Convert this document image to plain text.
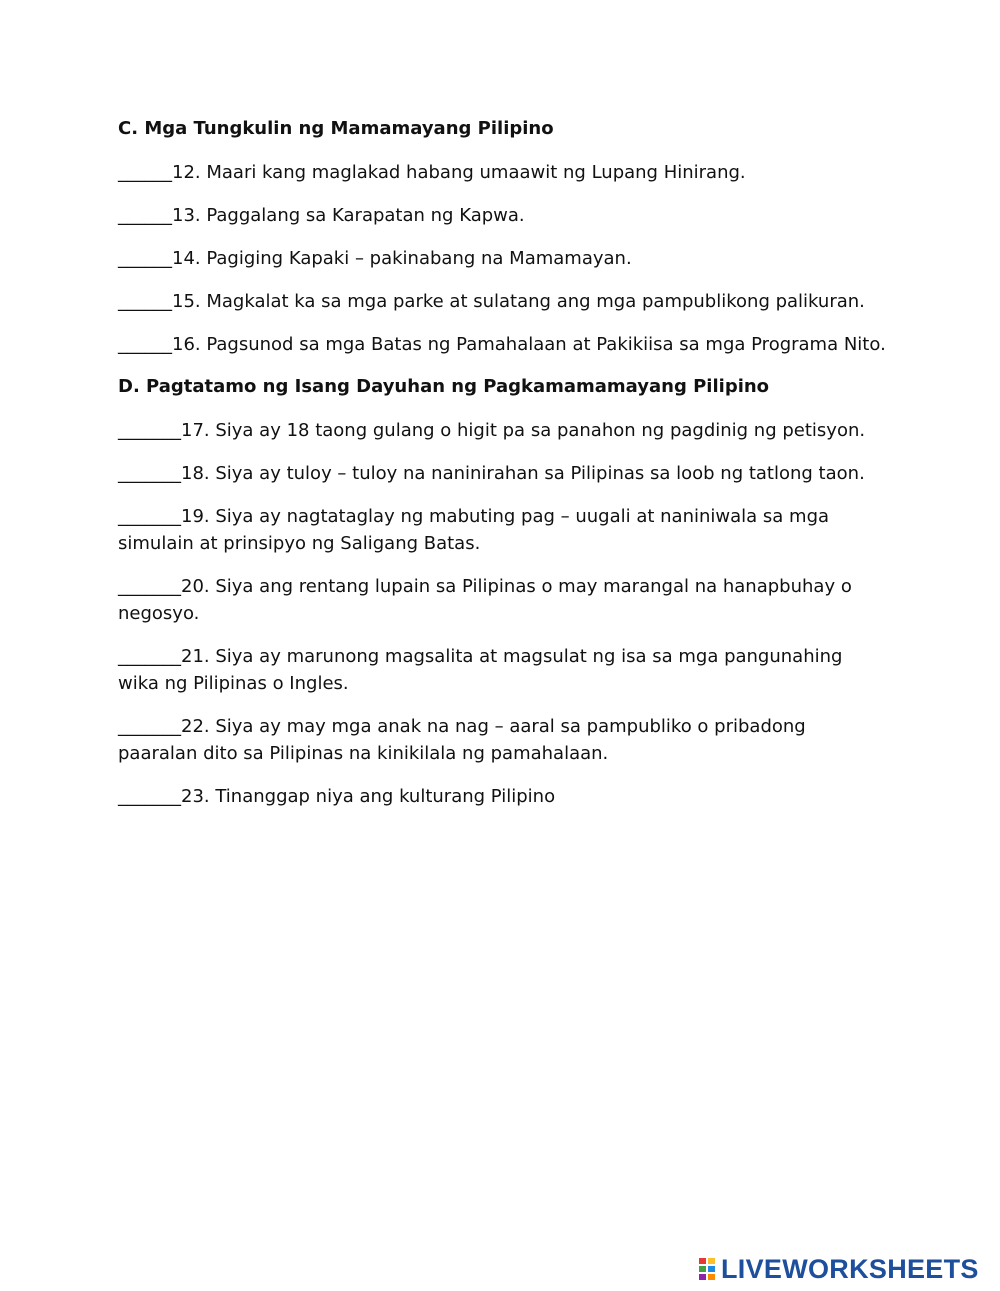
C. Mga Tungkulin ng Mamamayang Pilipino
______12. Maari kang maglakad habang umaawit ng Lupang Hinirang.
______13. Paggalang sa Karapatan ng Kapwa.
______14. Pagiging Kapaki – pakinabang na Mamamayan.
______15. Magkalat ka sa mga parke at sulatang ang mga pampublikong palikuran.
______16. Pagsunod sa mga Batas ng Pamahalaan at Pakikiisa sa mga Programa Nito.
D. Pagtatamo ng Isang Dayuhan ng Pagkamamamayang Pilipino
_______17. Siya ay 18 taong gulang o higit pa sa panahon ng pagdinig ng petisyon.
_______18. Siya ay tuloy – tuloy na naninirahan sa Pilipinas sa loob ng tatlong taon.
_______19. Siya ay nagtataglay ng mabuting pag – uugali at naniniwala sa mga simulain at prinsipyo ng Saligang Batas.
_______20. Siya ang rentang lupain sa Pilipinas o may marangal na hanapbuhay o negosyo.
_______21. Siya ay marunong magsalita at magsulat ng isa sa mga pangunahing wika ng Pilipinas o Ingles.
_______22. Siya ay may mga anak na nag – aaral sa pampubliko o pribadong paaralan dito sa Pilipinas na kinikilala ng pamahalaan.
_______23. Tinanggap niya ang kulturang Pilipino
LIVEWORKSHEETS
